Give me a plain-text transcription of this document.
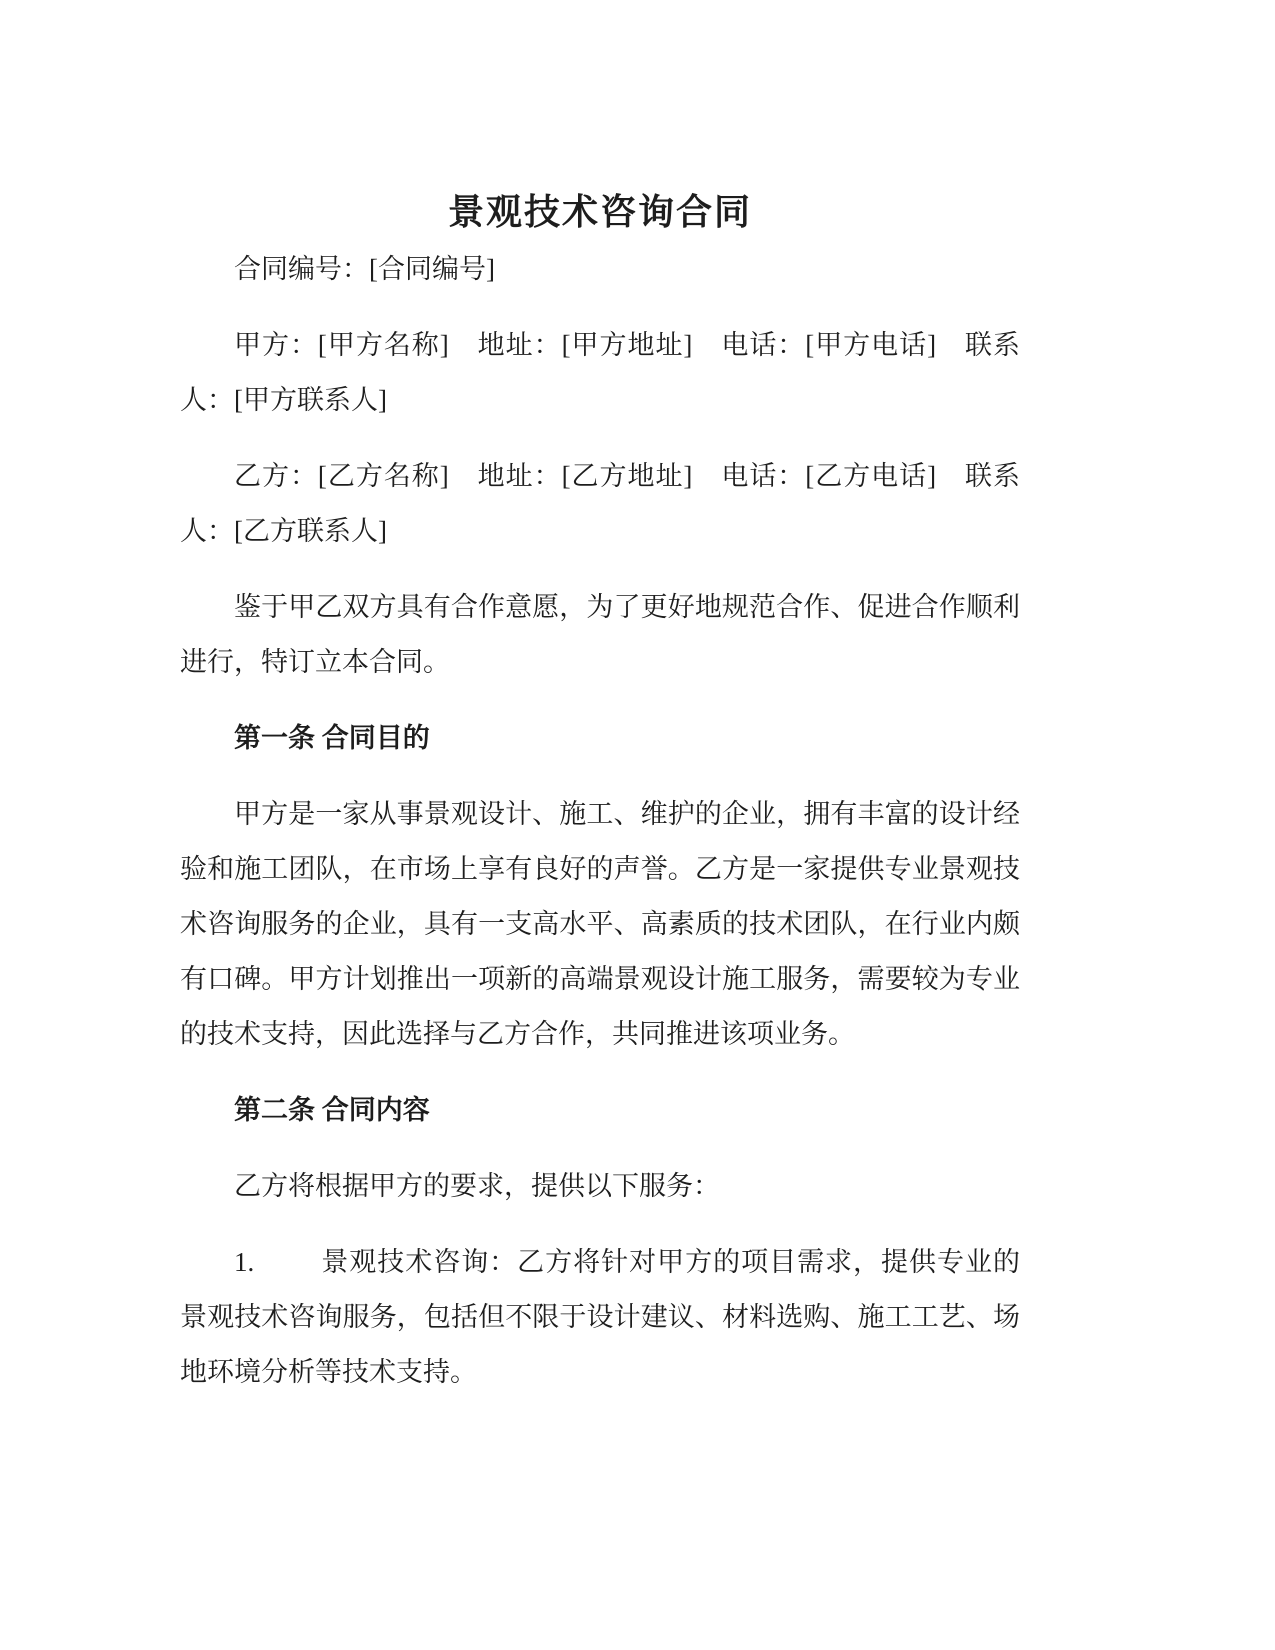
景观技术咨询合同

合同编号：[合同编号]

甲方：[甲方名称]　地址：[甲方地址]　电话：[甲方电话]　联系人：[甲方联系人]

乙方：[乙方名称]　地址：[乙方地址]　电话：[乙方电话]　联系人：[乙方联系人]

鉴于甲乙双方具有合作意愿，为了更好地规范合作、促进合作顺利进行，特订立本合同。

第一条 合同目的

甲方是一家从事景观设计、施工、维护的企业，拥有丰富的设计经验和施工团队，在市场上享有良好的声誉。乙方是一家提供专业景观技术咨询服务的企业，具有一支高水平、高素质的技术团队，在行业内颇有口碑。甲方计划推出一项新的高端景观设计施工服务，需要较为专业的技术支持，因此选择与乙方合作，共同推进该项业务。

第二条 合同内容

乙方将根据甲方的要求，提供以下服务：

1. 景观技术咨询：乙方将针对甲方的项目需求，提供专业的景观技术咨询服务，包括但不限于设计建议、材料选购、施工工艺、场地环境分析等技术支持。
